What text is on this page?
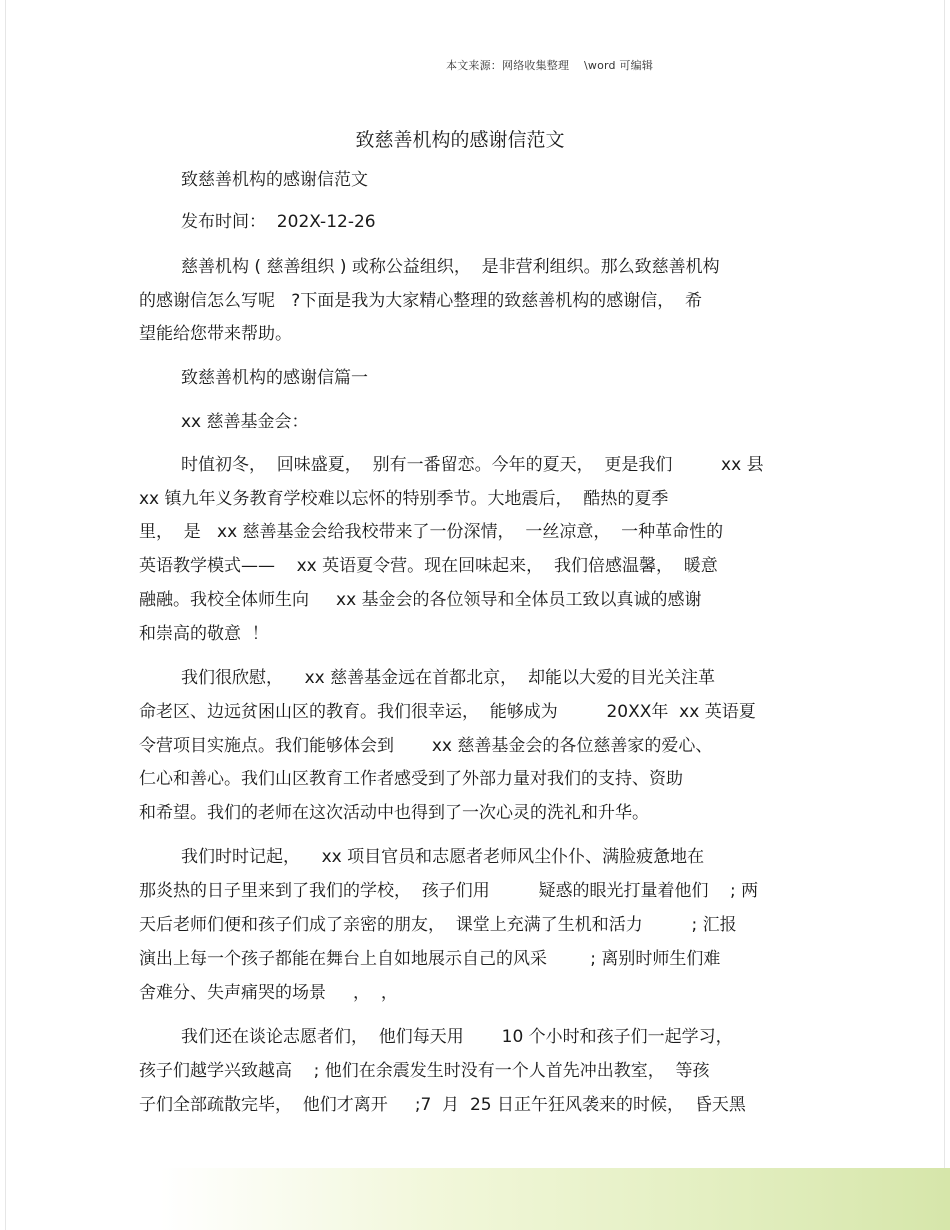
本文来源：网络收集整理    \word 可编辑
致慈善机构的感谢信范文
致慈善机构的感谢信范文
发布时间：  202X-12-26
慈善机构 ( 慈善组织 ) 或称公益组织，  是非营利组织。那么致慈善机构
的感谢信怎么写呢   ?下面是我为大家精心整理的致慈善机构的感谢信，  希
望能给您带来帮助。
致慈善机构的感谢信篇一
xx 慈善基金会：
时值初冬，  回味盛夏，  别有一番留恋。今年的夏天，  更是我们         xx 县
xx 镇九年义务教育学校难以忘怀的特别季节。大地震后，  酷热的夏季
里，  是   xx 慈善基金会给我校带来了一份深情，  一丝凉意，  一种革命性的
英语教学模式——    xx 英语夏令营。现在回味起来，  我们倍感温馨，  暖意
融融。我校全体师生向     xx 基金会的各位领导和全体员工致以真诚的感谢
和崇高的敬意  ！
我们很欣慰，    xx 慈善基金远在首都北京，  却能以大爱的目光关注革
命老区、边远贫困山区的教育。我们很幸运，  能够成为         20XX年  xx 英语夏
令营项目实施点。我们能够体会到       xx 慈善基金会的各位慈善家的爱心、
仁心和善心。我们山区教育工作者感受到了外部力量对我们的支持、资助
和希望。我们的老师在这次活动中也得到了一次心灵的洗礼和升华。
我们时时记起，    xx 项目官员和志愿者老师风尘仆仆、满脸疲惫地在
那炎热的日子里来到了我们的学校，  孩子们用         疑惑的眼光打量着他们    ; 两
天后老师们便和孩子们成了亲密的朋友，  课堂上充满了生机和活力         ; 汇报
演出上每一个孩子都能在舞台上自如地展示自己的风采        ; 离别时师生们难
舍难分、失声痛哭的场景     ，  ，
我们还在谈论志愿者们，  他们每天用       10 个小时和孩子们一起学习，
孩子们越学兴致越高    ; 他们在余震发生时没有一个人首先冲出教室，  等孩
子们全部疏散完毕，  他们才离开     ;7  月  25 日正午狂风袭来的时候，  昏天黑
